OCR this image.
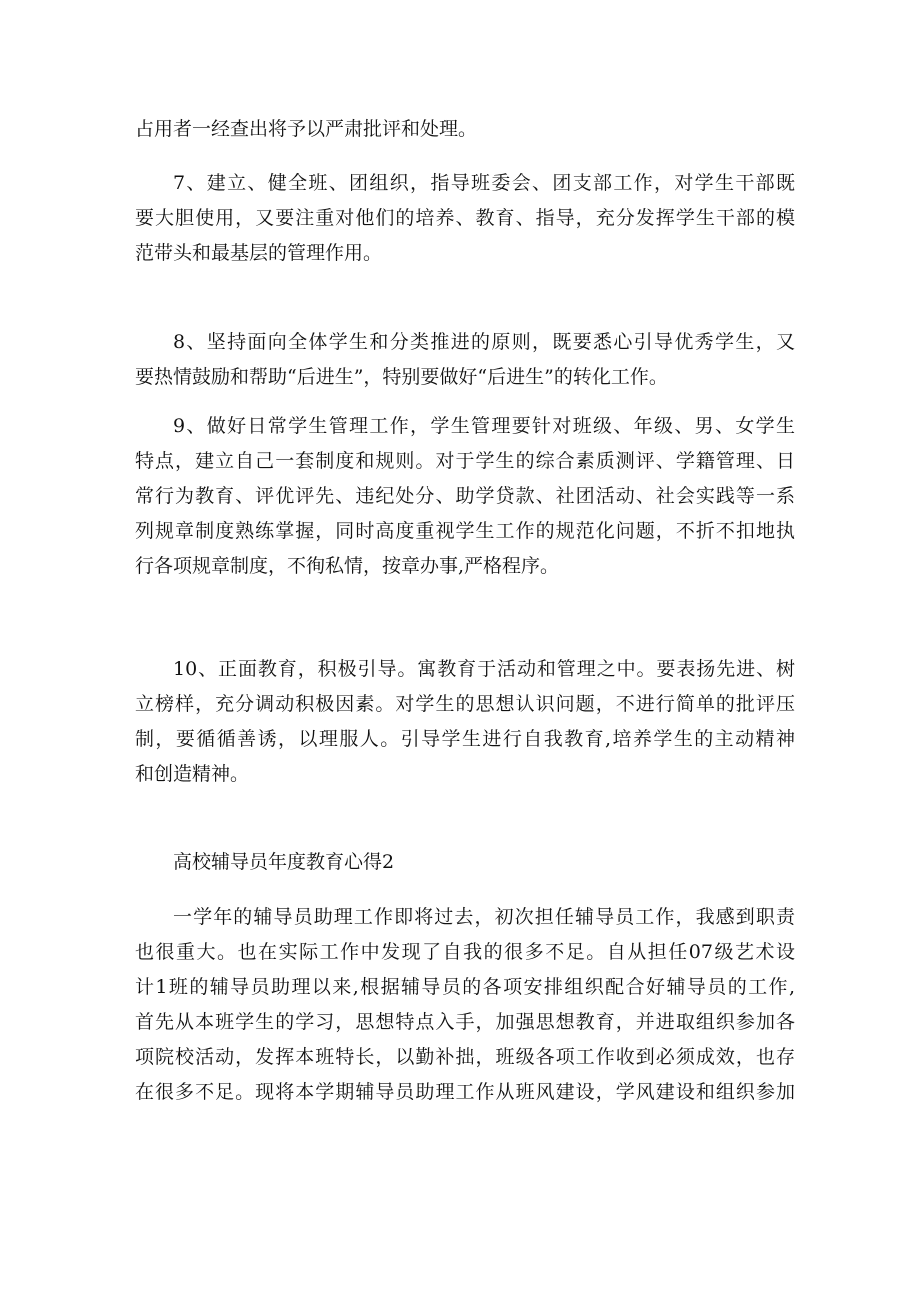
占用者一经查出将予以严肃批评和处理。
7、建立、健全班、团组织，指导班委会、团支部工作，对学生干部既
要大胆使用，又要注重对他们的培养、教育、指导，充分发挥学生干部的模
范带头和最基层的管理作用。
8、坚持面向全体学生和分类推进的原则，既要悉心引导优秀学生，又
要热情鼓励和帮助“后进生”，特别要做好“后进生”的转化工作。
9、做好日常学生管理工作，学生管理要针对班级、年级、男、女学生
特点，建立自己一套制度和规则。对于学生的综合素质测评、学籍管理、日
常行为教育、评优评先、违纪处分、助学贷款、社团活动、社会实践等一系
列规章制度熟练掌握，同时高度重视学生工作的规范化问题，不折不扣地执
行各项规章制度，不徇私情，按章办事,严格程序。
10、正面教育，积极引导。寓教育于活动和管理之中。要表扬先进、树
立榜样，充分调动积极因素。对学生的思想认识问题，不进行简单的批评压
制，要循循善诱，以理服人。引导学生进行自我教育,培养学生的主动精神
和创造精神。
高校辅导员年度教育心得2
一学年的辅导员助理工作即将过去，初次担任辅导员工作，我感到职责
也很重大。也在实际工作中发现了自我的很多不足。自从担任07级艺术设
计1班的辅导员助理以来,根据辅导员的各项安排组织配合好辅导员的工作,
首先从本班学生的学习，思想特点入手，加强思想教育，并进取组织参加各
项院校活动，发挥本班特长，以勤补拙，班级各项工作收到必须成效，也存
在很多不足。现将本学期辅导员助理工作从班风建设，学风建设和组织参加
